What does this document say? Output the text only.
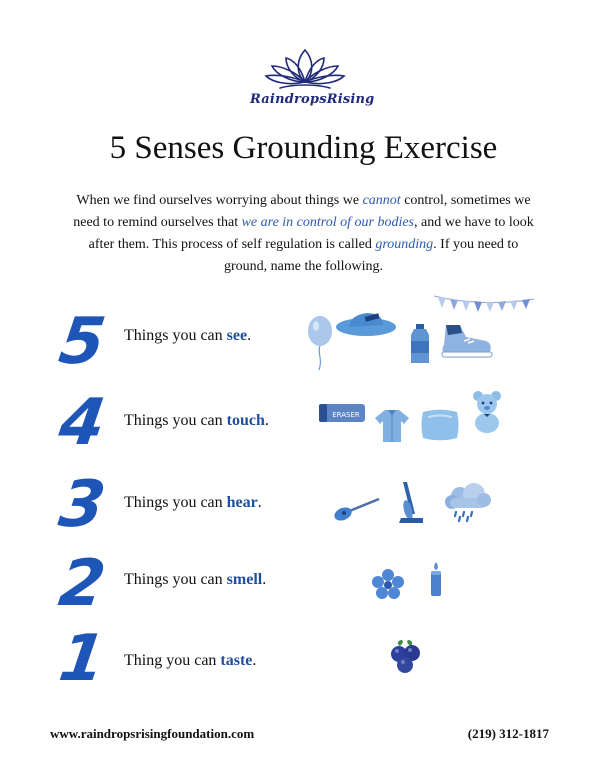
RaindropsRising
5 Senses Grounding Exercise
When we find ourselves worrying about things we cannot control, sometimes we need to remind ourselves that we are in control of our bodies, and we have to look after them. This process of self regulation is called grounding. If you need to ground, name the following.
5 Things you can see.
4 Things you can touch.	ERASER
3 Things you can hear.
2 Things you can smell.
1 Thing you can taste.
www.raindropsrisingfoundation.com	(219) 312-1817
